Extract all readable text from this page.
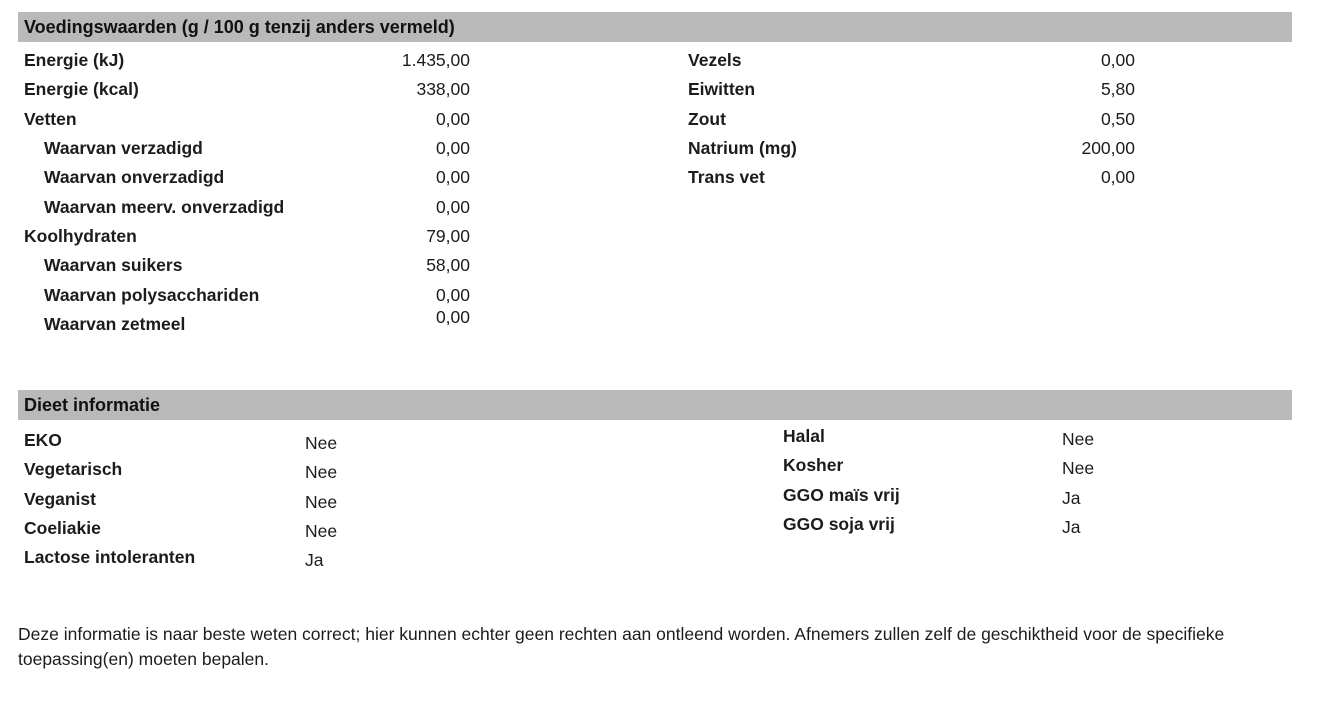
Voedingswaarden (g / 100 g tenzij anders vermeld)
Energie (kJ)	1.435,00
Energie (kcal)	338,00
Vetten	0,00
Waarvan verzadigd	0,00
Waarvan onverzadigd	0,00
Waarvan meerv. onverzadigd	0,00
Koolhydraten	79,00
Waarvan suikers	58,00
Waarvan polysacchariden	0,00
Waarvan zetmeel	0,00
Vezels	0,00
Eiwitten	5,80
Zout	0,50
Natrium (mg)	200,00
Trans vet	0,00
Dieet informatie
EKO	Nee
Vegetarisch	Nee
Veganist	Nee
Coeliakie	Nee
Lactose intoleranten	Ja
Halal	Nee
Kosher	Nee
GGO maïs vrij	Ja
GGO soja vrij	Ja

Deze informatie is naar beste weten correct; hier kunnen echter geen rechten aan ontleend worden. Afnemers zullen zelf de geschiktheid voor de specifieke toepassing(en) moeten bepalen.
